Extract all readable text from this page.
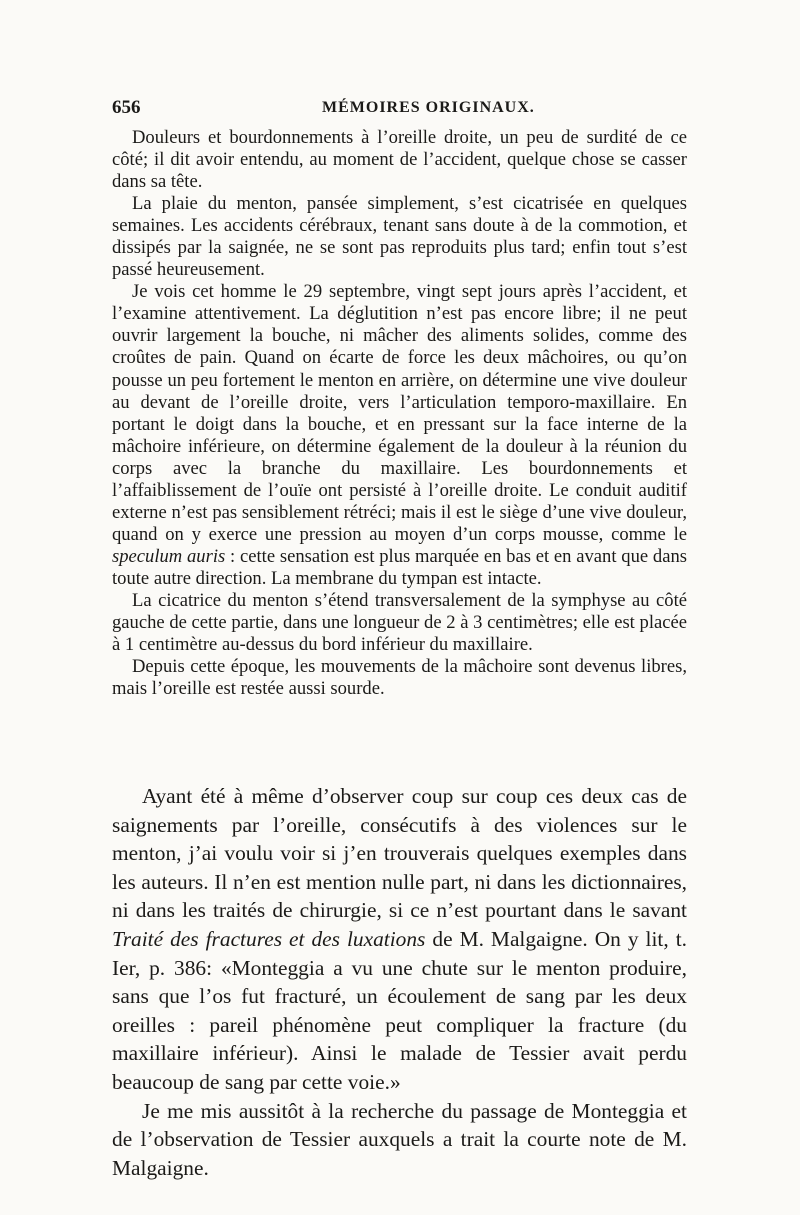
656	MÉMOIRES ORIGINAUX.

Douleurs et bourdonnements à l’oreille droite, un peu de surdité de ce côté; il dit avoir entendu, au moment de l’accident, quelque chose se casser dans sa tête.

La plaie du menton, pansée simplement, s’est cicatrisée en quelques semaines. Les accidents cérébraux, tenant sans doute à de la commotion, et dissipés par la saignée, ne se sont pas reproduits plus tard; enfin tout s’est passé heureusement.

Je vois cet homme le 29 septembre, vingt sept jours après l’accident, et l’examine attentivement. La déglutition n’est pas encore libre; il ne peut ouvrir largement la bouche, ni mâcher des aliments solides, comme des croûtes de pain. Quand on écarte de force les deux mâchoires, ou qu’on pousse un peu fortement le menton en arrière, on détermine une vive douleur au devant de l’oreille droite, vers l’articulation temporo-maxillaire. En portant le doigt dans la bouche, et en pressant sur la face interne de la mâchoire inférieure, on détermine également de la douleur à la réunion du corps avec la branche du maxillaire. Les bourdonnements et l’affaiblissement de l’ouïe ont persisté à l’oreille droite. Le conduit auditif externe n’est pas sensiblement rétréci; mais il est le siège d’une vive douleur, quand on y exerce une pression au moyen d’un corps mousse, comme le speculum auris : cette sensation est plus marquée en bas et en avant que dans toute autre direction. La membrane du tympan est intacte.

La cicatrice du menton s’étend transversalement de la symphyse au côté gauche de cette partie, dans une longueur de 2 à 3 centimètres; elle est placée à 1 centimètre au-dessus du bord inférieur du maxillaire.

Depuis cette époque, les mouvements de la mâchoire sont devenus libres, mais l’oreille est restée aussi sourde.

Ayant été à même d’observer coup sur coup ces deux cas de saignements par l’oreille, consécutifs à des violences sur le menton, j’ai voulu voir si j’en trouverais quelques exemples dans les auteurs. Il n’en est mention nulle part, ni dans les dictionnaires, ni dans les traités de chirurgie, si ce n’est pourtant dans le savant Traité des fractures et des luxations de M. Malgaigne. On y lit, t. Ier, p. 386: «Monteggia a vu une chute sur le menton produire, sans que l’os fut fracturé, un écoulement de sang par les deux oreilles : pareil phénomène peut compliquer la fracture (du maxillaire inférieur). Ainsi le malade de Tessier avait perdu beaucoup de sang par cette voie.»

Je me mis aussitôt à la recherche du passage de Monteggia et de l’observation de Tessier auxquels a trait la courte note de M. Malgaigne.
